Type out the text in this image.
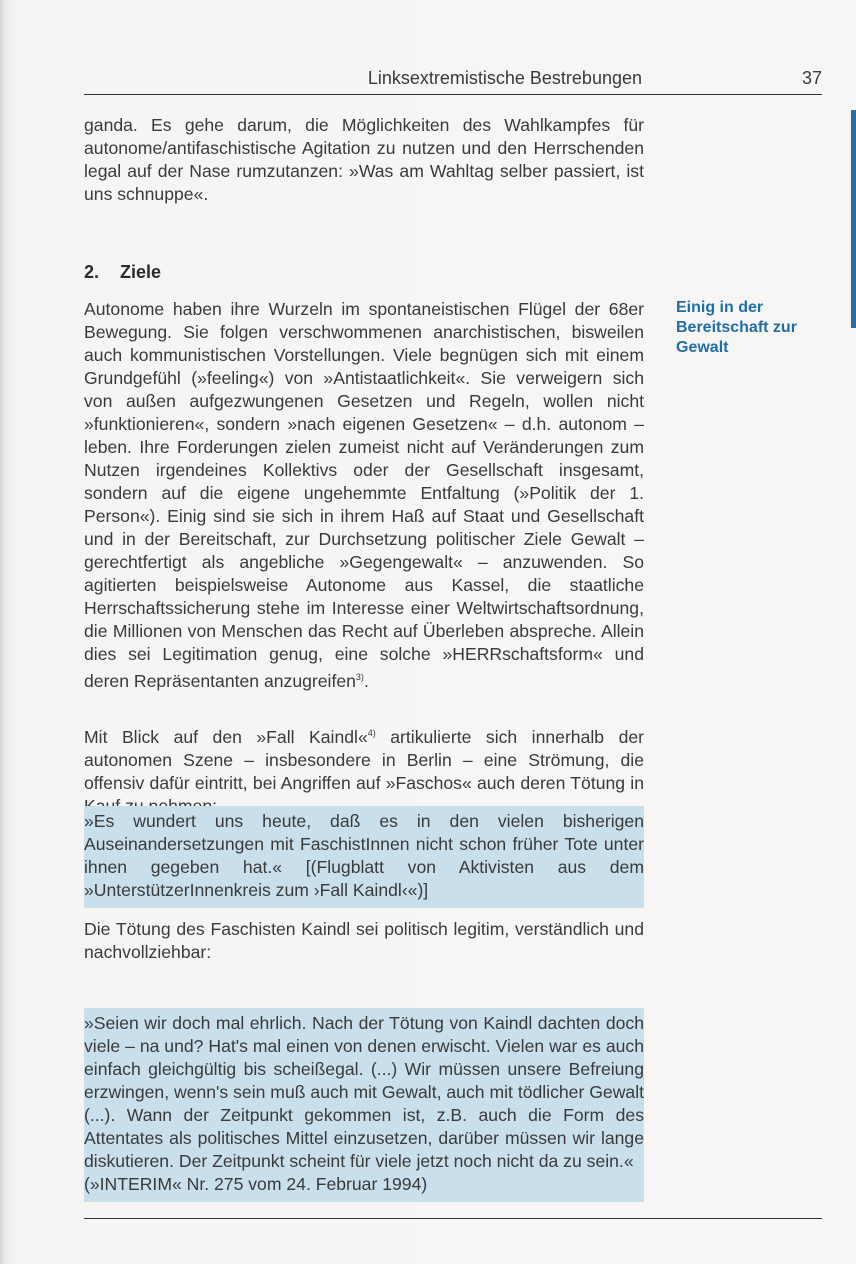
Linksextremistische Bestrebungen	37

ganda. Es gehe darum, die Möglichkeiten des Wahlkampfes für autonome/antifaschistische Agitation zu nutzen und den Herrschenden legal auf der Nase rumzutanzen: »Was am Wahltag selber passiert, ist uns schnuppe«.

2. Ziele
Einig in der Bereitschaft zur Gewalt

Autonome haben ihre Wurzeln im spontaneistischen Flügel der 68er Bewegung. Sie folgen verschwommenen anarchistischen, bisweilen auch kommunistischen Vorstellungen. Viele begnügen sich mit einem Grundgefühl (»feeling«) von »Antistaatlichkeit«. Sie verweigern sich von außen aufgezwungenen Gesetzen und Regeln, wollen nicht »funktionieren«, sondern »nach eigenen Gesetzen« – d.h. autonom – leben. Ihre Forderungen zielen zumeist nicht auf Veränderungen zum Nutzen irgendeines Kollektivs oder der Gesellschaft insgesamt, sondern auf die eigene ungehemmte Entfaltung (»Politik der 1. Person«). Einig sind sie sich in ihrem Haß auf Staat und Gesellschaft und in der Bereitschaft, zur Durchsetzung politischer Ziele Gewalt – gerechtfertigt als angebliche »Gegengewalt« – anzuwenden. So agitierten beispielsweise Autonome aus Kassel, die staatliche Herrschaftssicherung stehe im Interesse einer Weltwirtschaftsordnung, die Millionen von Menschen das Recht auf Überleben abspreche. Allein dies sei Legitimation genug, eine solche »HERRschaftsform« und deren Repräsentanten anzugreifen$^{3)}$.

Mit Blick auf den »Fall Kaindl«$^{4)}$ artikulierte sich innerhalb der autonomen Szene – insbesondere in Berlin – eine Strömung, die offensiv dafür eintritt, bei Angriffen auf »Faschos« auch deren Tötung in

»Es wundert uns heute, daß es in den vielen bisherigen Auseinandersetzungen mit FaschistInnen nicht schon früher Tote unter ihnen gegeben hat.« [(Flugblatt von Aktivisten aus dem »UnterstützerInnenkreis zum ›Fall Kaindl‹«)]

Die Tötung des Faschisten Kaindl sei politisch legitim, verständlich und nachvollziehbar:

»Seien wir doch mal ehrlich. Nach der Tötung von Kaindl dachten doch viele – na und? Hat's mal einen von denen erwischt. Vielen war es auch einfach gleichgültig bis scheißegal. (...) Wir müssen unsere Befreiung erzwingen, wenn's sein muß auch mit Gewalt, auch mit tödlicher Gewalt (...). Wann der Zeitpunkt gekommen ist, z.B. auch die Form des Attentates als politisches Mittel einzusetzen, darüber müssen wir lange diskutieren. Der Zeitpunkt scheint für viele jetzt noch nicht da zu sein.«

(»INTERIM« Nr. 275 vom 24. Februar 1994)
